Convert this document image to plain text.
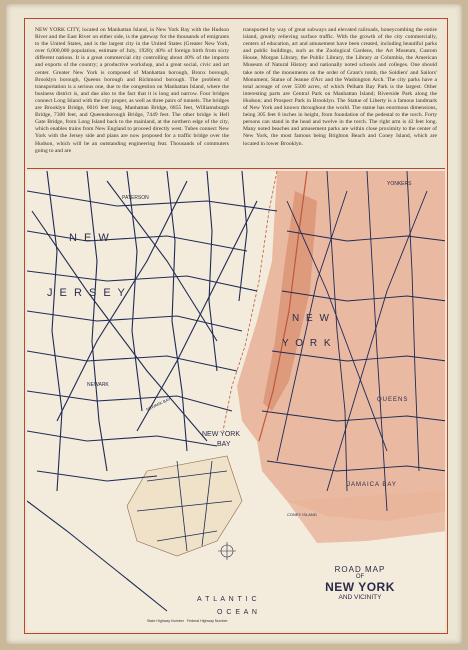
NEW YORK CITY, located on Manhattan Island, in New York Bay with the Hudson River and the East River on either side, is the gateway for the thousands of emigrants to the United States, and is the largest city in the United States (Greater New York, over 6,000,000 population, estimate of July, 1928); 40% of foreign birth from sixty different nations. It is a great commercial city controlling about 40% of the imports and exports of the country; a productive workshop, and a great social, civic and art center. Greater New York is composed of Manhattan borough, Bronx borough, Brooklyn borough, Queens borough and Richmond borough. The problem of transportation is a serious one, due to the congestion on Manhattan Island, where the business district is, and due also to the fact that it is long and narrow. Four bridges connect Long Island with the city proper, as well as three pairs of tunnels. The bridges are Brooklyn Bridge, 6016 feet long, Manhattan Bridge, 6855 feet, Williamsburgh Bridge, 7308 feet, and Queensborough Bridge, 7449 feet. The other bridge is Hell Gate Bridge, from Long Island back to the mainland, at the northern edge of the city, which enables trains from New England to proceed directly west. Tubes connect New York with the Jersey side and plans are now proposed for a traffic bridge over the Hudson, which will be an outstanding engineering feat. Thousands of commuters going to and are
transported by way of great subways and elevated railroads, honeycombing the entire island, greatly relieving surface traffic. With the growth of the city commercially, centers of education, art and amusement have been created, including beautiful parks and public buildings, such as the Zoological Gardens, the Art Museum, Custom House, Morgan Library, the Public Library, the Library at Columbia, the American Museum of Natural History and nationally noted schools and colleges. One should take note of the monuments on the order of Grant's tomb, the Soldiers' and Sailors' Monument, Statue of Jeanne d'Arc and the Washington Arch. The city parks have a total acreage of over 5500 acres, of which Pelham Bay Park is the largest. Other interesting parts are Central Park on Manhattan Island; Riverside Park along the Hudson; and Prospect Park in Brooklyn. The Statue of Liberty is a famous landmark of New York and known throughout the world. The statue has enormous dimensions, being 305 feet 6 inches in height, from foundation of the pedestal to the torch. Forty persons can stand in the head and twelve in the torch. The right arm is 42 feet long. Many noted beaches and amusement parks are within close proximity to the center of New York, the most famous being Brighton Beach and Coney Island, which are located in lower Brooklyn.
N E W
J E R S E Y
N E W
Y O R K
NEW YORK
BAY
A T L A N T I C
O C E A N
PATERSON
YONKERS
NEWARK
NEWARK BAY	QUEENS
JAMAICA BAY
CONEY ISLAND
ROAD MAP
OF
NEW YORK
AND VICINITY
State Highway Number Federal Highway Number
